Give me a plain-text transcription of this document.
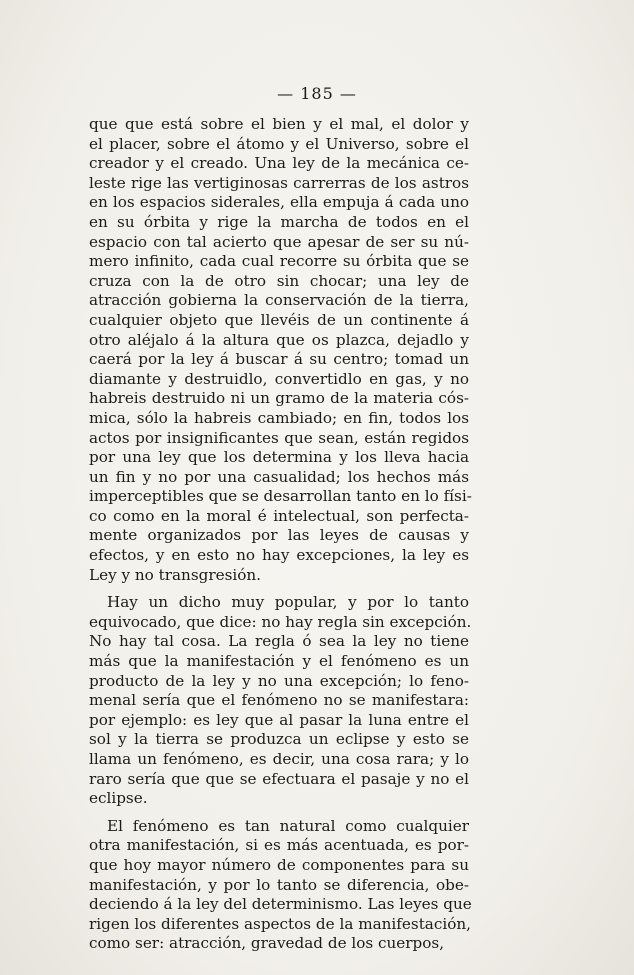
— 185 —

que que está sobre el bien y el mal, el dolor y
el placer, sobre el átomo y el Universo, sobre el
creador y el creado. Una ley de la mecánica ce-
leste rige las vertiginosas carrerras de los astros
en los espacios siderales, ella empuja á cada uno
en su órbita y rige la marcha de todos en el
espacio con tal acierto que apesar de ser su nú-
mero infinito, cada cual recorre su órbita que se
cruza con la de otro sin chocar; una ley de
atracción gobierna la conservación de la tierra,
cualquier objeto que llevéis de un continente á
otro aléjalo á la altura que os plazca, dejadlo y
caerá por la ley á buscar á su centro; tomad un
diamante y destruidlo, convertidlo en gas, y no
habreis destruido ni un gramo de la materia cós-
mica, sólo la habreis cambiado; en fin, todos los
actos por insignificantes que sean, están regidos
por una ley que los determina y los lleva hacia
un fin y no por una casualidad; los hechos más
imperceptibles que se desarrollan tanto en lo físi-
co como en la moral é intelectual, son perfecta-
mente organizados por las leyes de causas y
efectos, y en esto no hay excepciones, la ley es
Ley y no transgresión.

Hay un dicho muy popular, y por lo tanto
equivocado, que dice: no hay regla sin excepción.
No hay tal cosa. La regla ó sea la ley no tiene
más que la manifestación y el fenómeno es un
producto de la ley y no una excepción; lo feno-
menal sería que el fenómeno no se manifestara:
por ejemplo: es ley que al pasar la luna entre el
sol y la tierra se produzca un eclipse y esto se
llama un fenómeno, es decir, una cosa rara; y lo
raro sería que que se efectuara el pasaje y no el
eclipse.

El fenómeno es tan natural como cualquier
otra manifestación, si es más acentuada, es por-
que hoy mayor número de componentes para su
manifestación, y por lo tanto se diferencia, obe-
deciendo á la ley del determinismo. Las leyes que
rigen los diferentes aspectos de la manifestación,
como ser: atracción, gravedad de los cuerpos,
